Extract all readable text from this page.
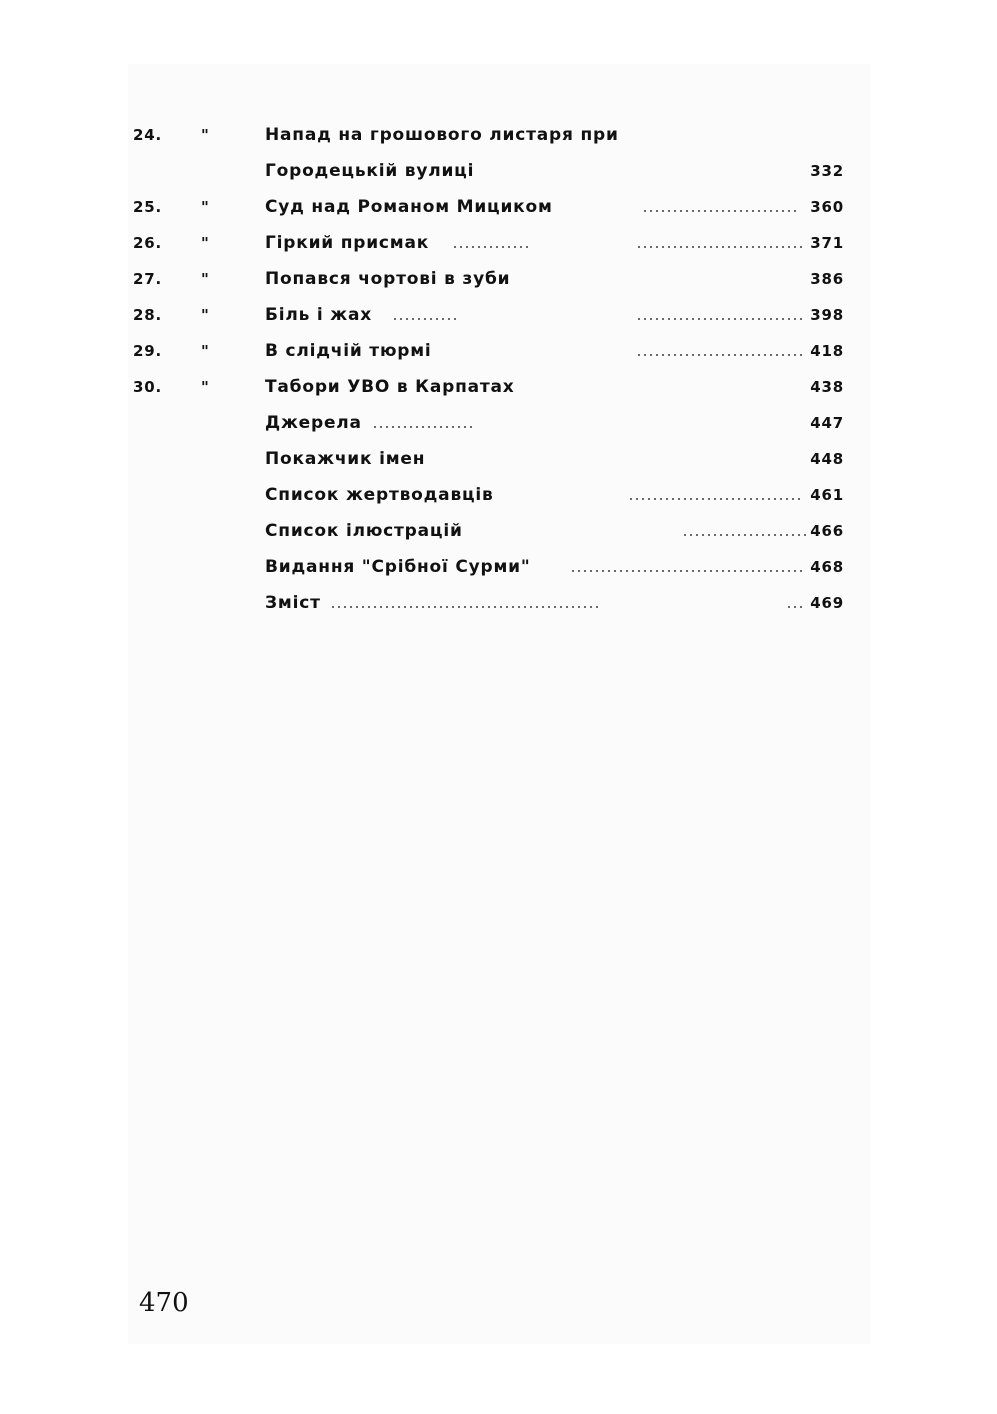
24.	"	Напад на грошового листаря при
Городецькій вулиці	332
25.	"	Суд над Романом Мициком	360
26.	"	Гіркий присмак	371
27.	"	Попався чортові в зуби	386
28.	"	Біль і жах	398
29.	"	В слідчій тюрмі	418
30.	"	Табори УВО в Карпатах	438
Джерела	447
Покажчик імен	448
Список жертводавців	461
Список ілюстрацій	466
Видання "Срібної Сурми"	468
Зміст	469
470
